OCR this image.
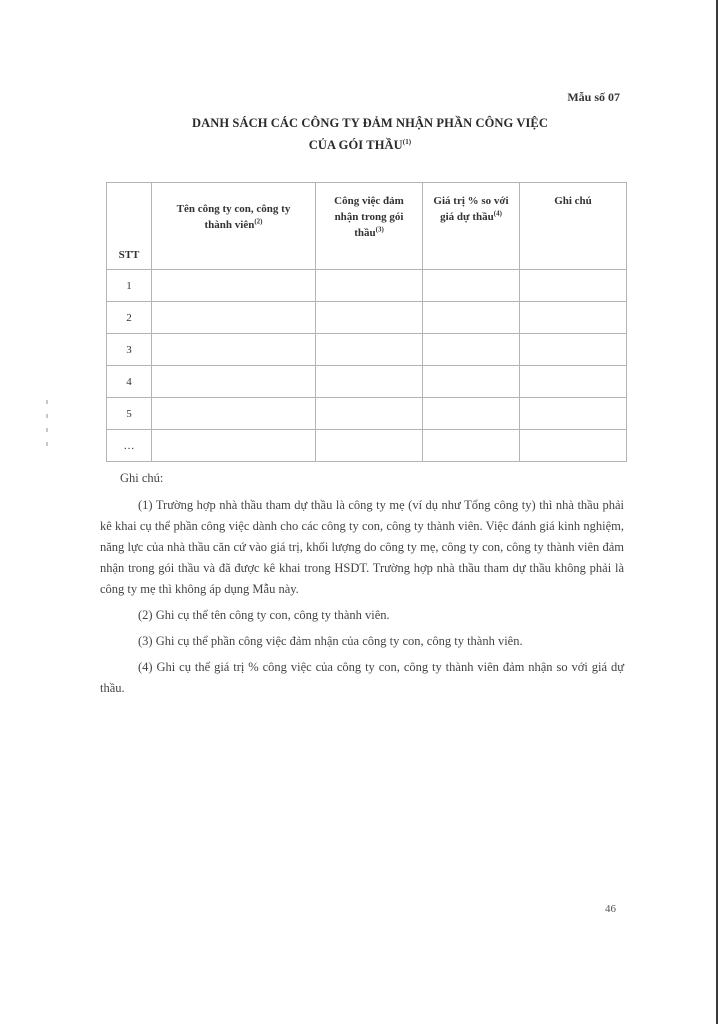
Mẫu số 07
DANH SÁCH CÁC CÔNG TY ĐẢM NHẬN PHẦN CÔNG VIỆC
CỦA GÓI THẦU$^{(1)}$
STT	Tên công ty con, công ty thành viên$^{(2)}$	Công việc đảm nhận trong gói thầu$^{(3)}$	Giá trị % so với giá dự thầu$^{(4)}$	Ghi chú
1				
2				
3				
4				
5				
…				

Ghi chú:

(1) Trường hợp nhà thầu tham dự thầu là công ty mẹ (ví dụ như Tổng công ty) thì nhà thầu phải kê khai cụ thể phần công việc dành cho các công ty con, công ty thành viên. Việc đánh giá kinh nghiệm, năng lực của nhà thầu căn cứ vào giá trị, khối lượng do công ty mẹ, công ty con, công ty thành viên đảm nhận trong gói thầu và đã được kê khai trong HSDT. Trường hợp nhà thầu tham dự thầu không phải là công ty mẹ thì không áp dụng Mẫu này.

(2) Ghi cụ thể tên công ty con, công ty thành viên.

(3) Ghi cụ thể phần công việc đảm nhận của công ty con, công ty thành viên.

(4) Ghi cụ thể giá trị % công việc của công ty con, công ty thành viên đảm nhận so với giá dự thầu.

46
